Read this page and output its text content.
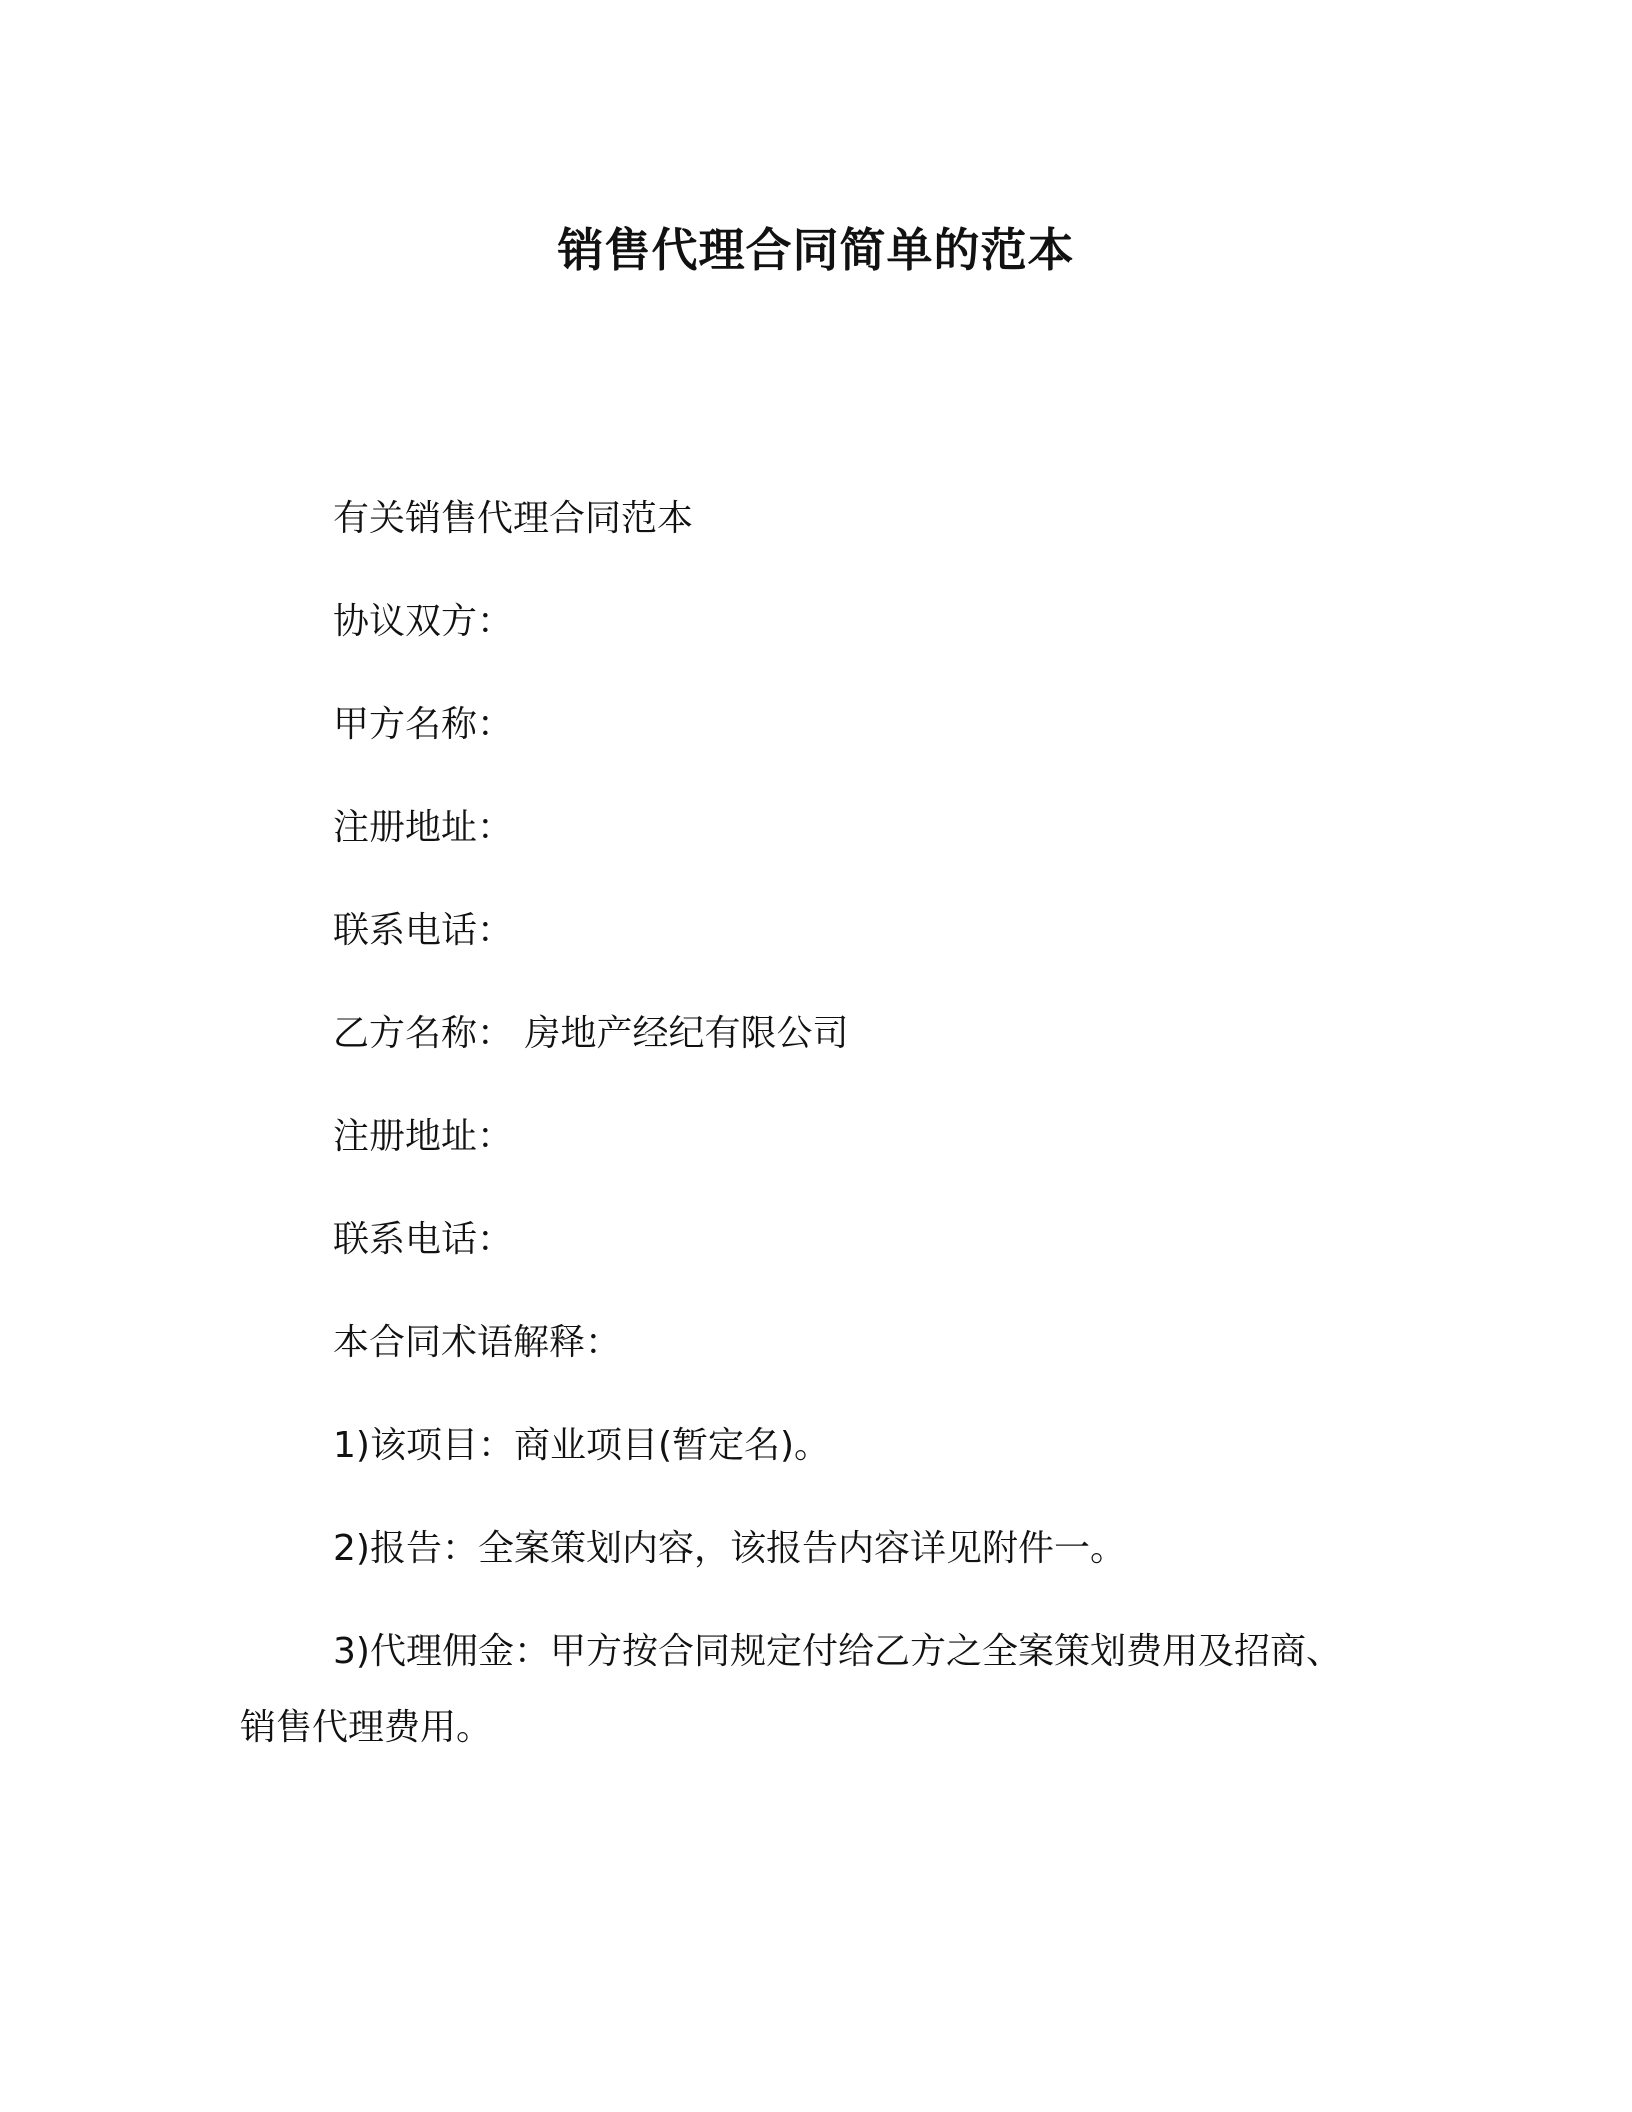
销售代理合同简单的范本
有关销售代理合同范本
协议双方：
甲方名称：
注册地址：
联系电话：
乙方名称： 房地产经纪有限公司
注册地址：
联系电话：
本合同术语解释：
1)该项目：商业项目(暂定名)。
2)报告：全案策划内容，该报告内容详见附件一。
3)代理佣金：甲方按合同规定付给乙方之全案策划费用及招商、
销售代理费用。
